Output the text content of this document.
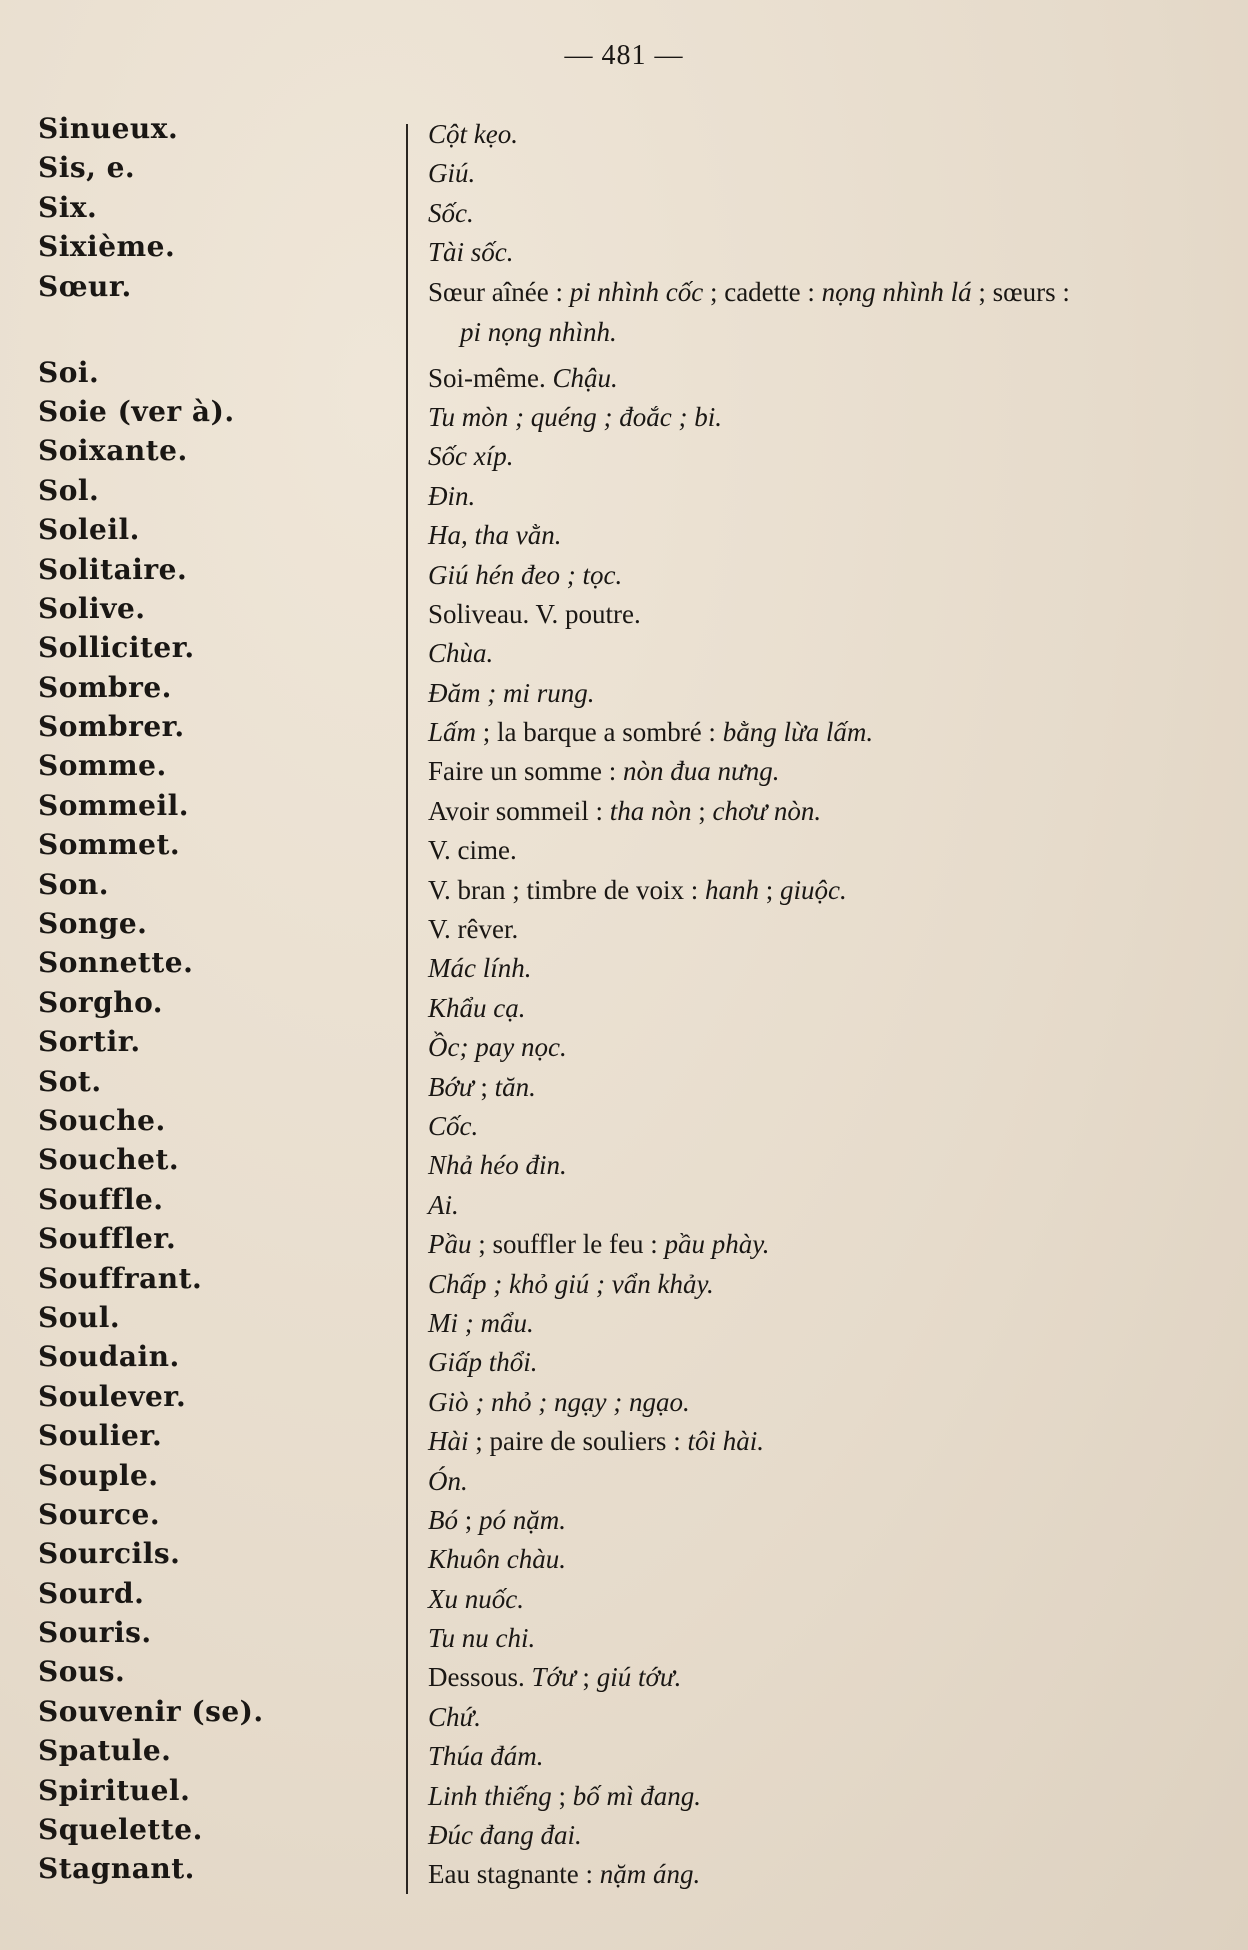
— 481 —
Sinueux.	Cột kẹo.
Sis, e.	Giú.
Six.	Sốc.
Sixième.	Tài sốc.
Sœur.	Sœur aînée : pi nhình cốc ; cadette : nọng nhình lá ; sœurs :
pi nọng nhình.
Soi.	Soi-même. Chậu.
Soie (ver à).	Tu mòn ; quéng ; đoắc ; bi.
Soixante.	Sốc xíp.
Sol.	Đin.
Soleil.	Ha, tha vằn.
Solitaire.	Giú hén đeo ; tọc.
Solive.	Soliveau. V. poutre.
Solliciter.	Chùa.
Sombre.	Đăm ; mi rung.
Sombrer.	Lấm ; la barque a sombré : bằng lừa lấm.
Somme.	Faire un somme : nòn đua nưng.
Sommeil.	Avoir sommeil : tha nòn ; chơư nòn.
Sommet.	V. cime.
Son.	V. bran ; timbre de voix : hanh ; giuộc.
Songe.	V. rêver.
Sonnette.	Mác lính.
Sorgho.	Khẩu cạ.
Sortir.	Ồc; pay nọc.
Sot.	Bớư ; tăn.
Souche.	Cốc.
Souchet.	Nhả héo đin.
Souffle.	Ai.
Souffler.	Pầu ; souffler le feu : pầu phày.
Souffrant.	Chấp ; khỏ giú ; vẩn khảy.
Soul.	Mi ; mẩu.
Soudain.	Giấp thổi.
Soulever.	Giò ; nhỏ ; ngạy ; ngạo.
Soulier.	Hài ; paire de souliers : tôi hài.
Souple.	Ón.
Source.	Bó ; pó nặm.
Sourcils.	Khuôn chàu.
Sourd.	Xu nuốc.
Souris.	Tu nu chi.
Sous.	Dessous. Tớư ; giú tớư.
Souvenir (se).	Chứ.
Spatule.	Thúa đám.
Spirituel.	Linh thiếng ; bố mì đang.
Squelette.	Đúc đang đai.
Stagnant.	Eau stagnante : nặm áng.
